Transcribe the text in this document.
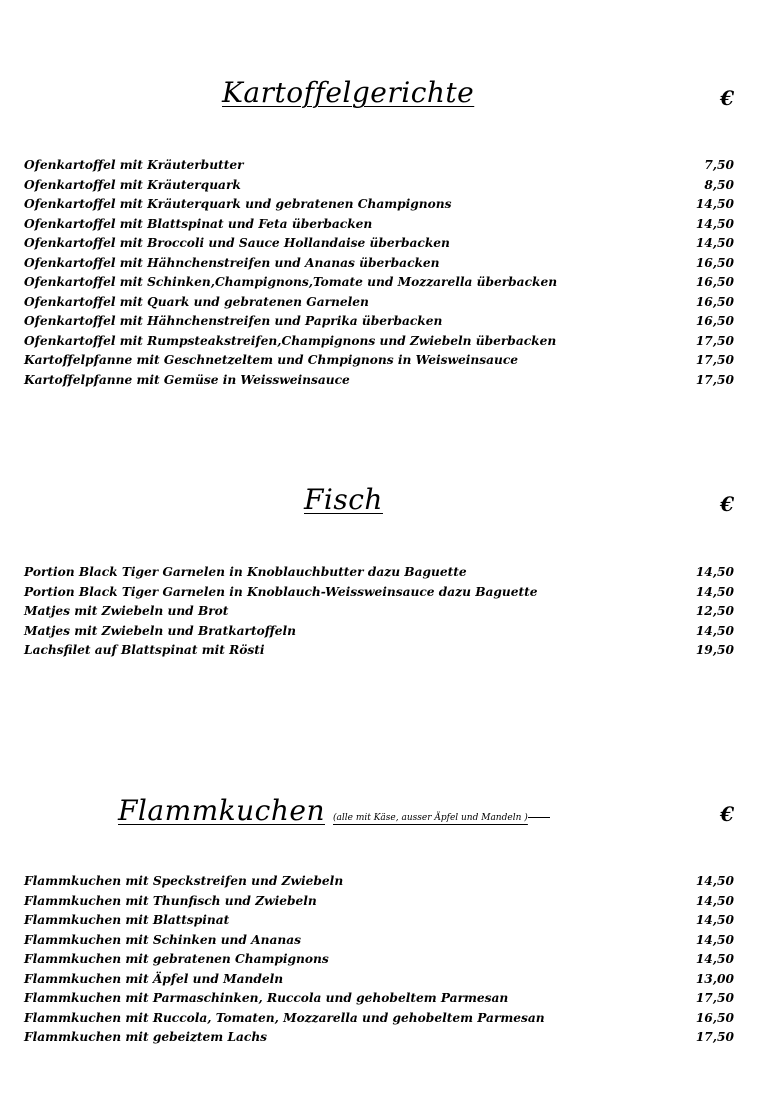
Kartoffelgerichte	€
Ofenkartoffel mit Kräuterbutter	7,50
Ofenkartoffel mit Kräuterquark	8,50
Ofenkartoffel mit Kräuterquark und gebratenen Champignons	14,50
Ofenkartoffel mit Blattspinat und Feta überbacken	14,50
Ofenkartoffel mit Broccoli und Sauce Hollandaise überbacken	14,50
Ofenkartoffel mit Hähnchenstreifen und Ananas überbacken	16,50
Ofenkartoffel mit Schinken,Champignons,Tomate und Mozzarella überbacken	16,50
Ofenkartoffel mit Quark und gebratenen Garnelen	16,50
Ofenkartoffel mit Hähnchenstreifen und Paprika überbacken	16,50
Ofenkartoffel mit Rumpsteakstreifen,Champignons und Zwiebeln überbacken	17,50
Kartoffelpfanne mit Geschnetzeltem und Chmpignons in Weisweinsauce	17,50
Kartoffelpfanne mit Gemüse in Weissweinsauce	17,50
Fisch	€
Portion Black Tiger Garnelen in Knoblauchbutter dazu Baguette	14,50
Portion Black Tiger Garnelen in Knoblauch-Weissweinsauce dazu Baguette	14,50
Matjes mit Zwiebeln und Brot	12,50
Matjes mit Zwiebeln und Bratkartoffeln	14,50
Lachsfilet auf Blattspinat mit Rösti	19,50
Flammkuchen (alle mit Käse, ausser Äpfel und Mandeln )	€
Flammkuchen mit Speckstreifen und Zwiebeln	14,50
Flammkuchen mit Thunfisch und Zwiebeln	14,50
Flammkuchen mit Blattspinat	14,50
Flammkuchen mit Schinken und Ananas	14,50
Flammkuchen mit gebratenen Champignons	14,50
Flammkuchen mit Äpfel und Mandeln	13,00
Flammkuchen mit Parmaschinken, Ruccola und gehobeltem Parmesan	17,50
Flammkuchen mit Ruccola, Tomaten, Mozzarella und gehobeltem Parmesan	16,50
Flammkuchen mit gebeiztem Lachs	17,50
